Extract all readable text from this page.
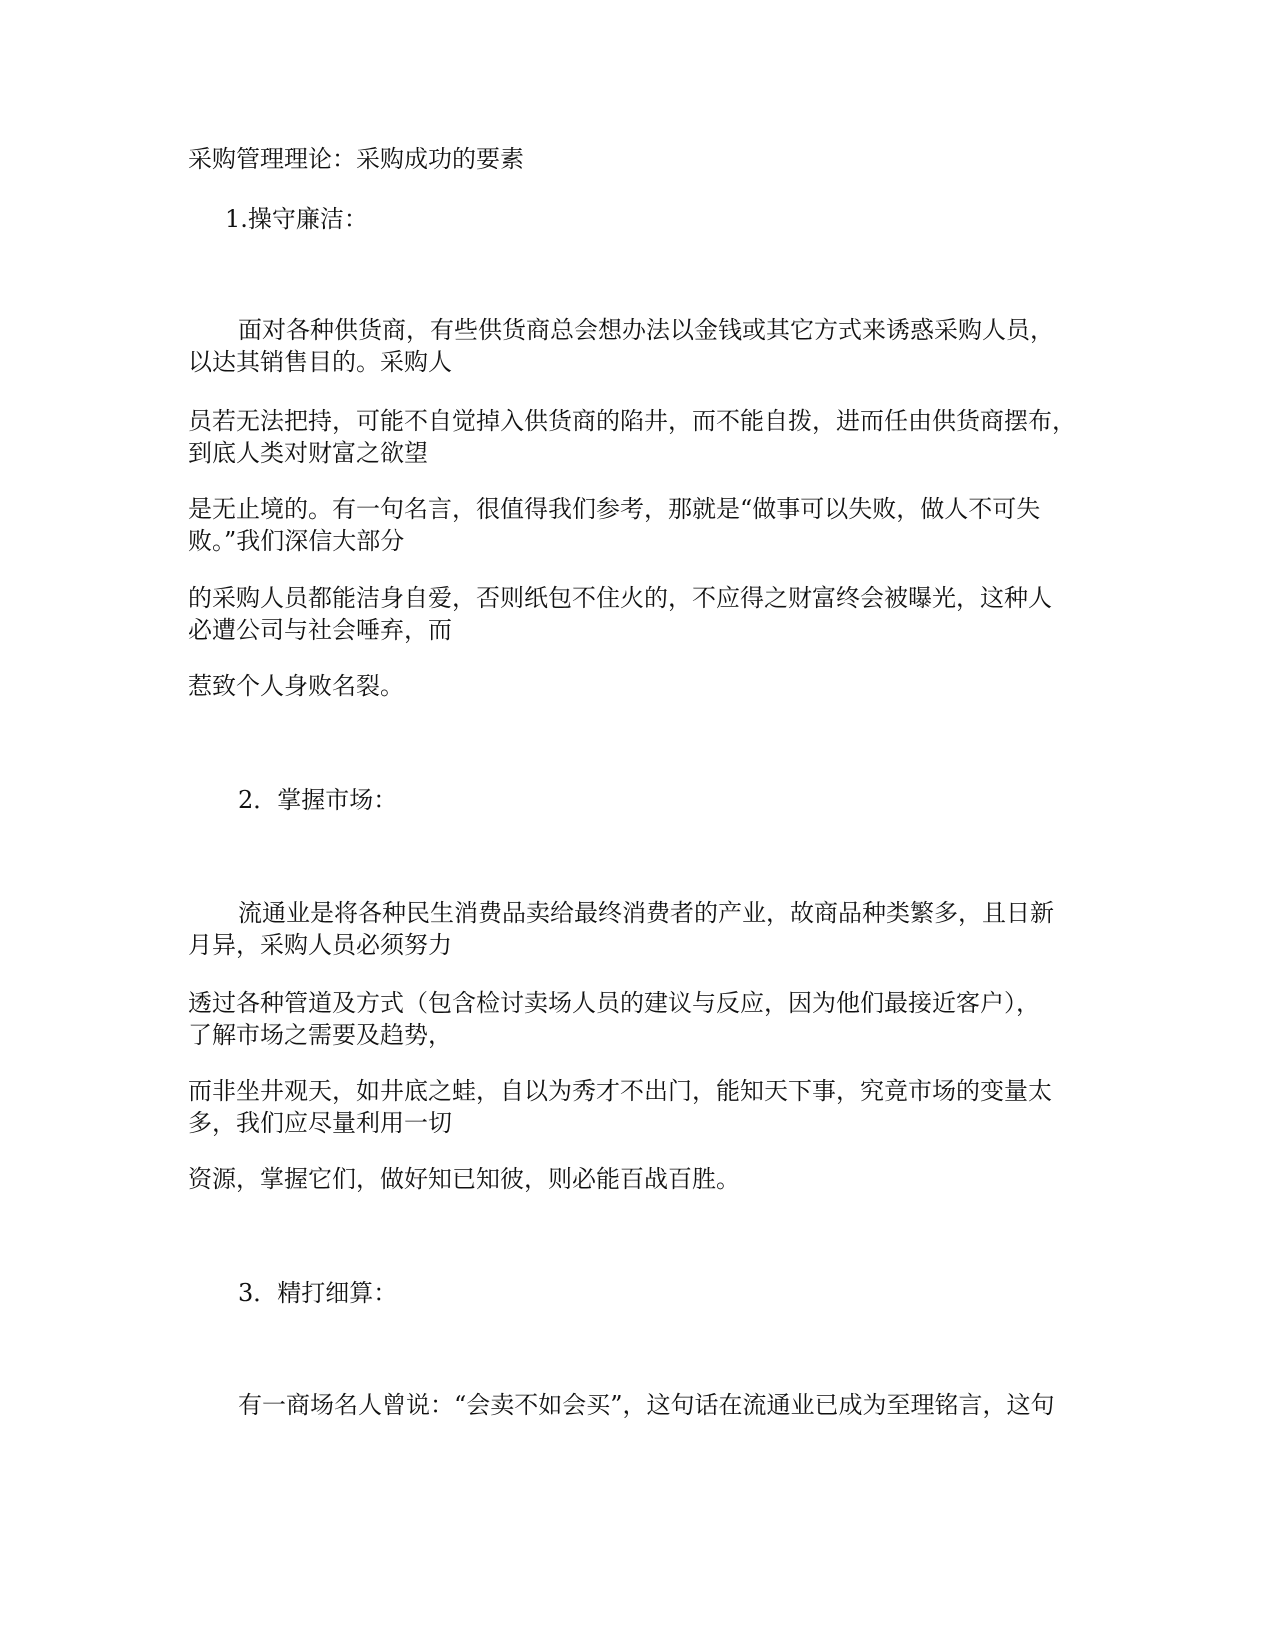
采购管理理论：采购成功的要素
1.操守廉洁：
面对各种供货商，有些供货商总会想办法以金钱或其它方式来诱惑采购人员，
以达其销售目的。采购人
员若无法把持，可能不自觉掉入供货商的陷井，而不能自拨，进而任由供货商摆布，
到底人类对财富之欲望
是无止境的。有一句名言，很值得我们参考，那就是“做事可以失败，做人不可失
败。”我们深信大部分
的采购人员都能洁身自爱，否则纸包不住火的，不应得之财富终会被曝光，这种人
必遭公司与社会唾弃，而
惹致个人身败名裂。
2．掌握市场：
流通业是将各种民生消费品卖给最终消费者的产业，故商品种类繁多，且日新
月异，采购人员必须努力
透过各种管道及方式（包含检讨卖场人员的建议与反应，因为他们最接近客户），
了解市场之需要及趋势，
而非坐井观天，如井底之蛙，自以为秀才不出门，能知天下事，究竟市场的变量太
多，我们应尽量利用一切
资源，掌握它们，做好知已知彼，则必能百战百胜。
3．精打细算：
有一商场名人曾说：“会卖不如会买”，这句话在流通业已成为至理铭言，这句
